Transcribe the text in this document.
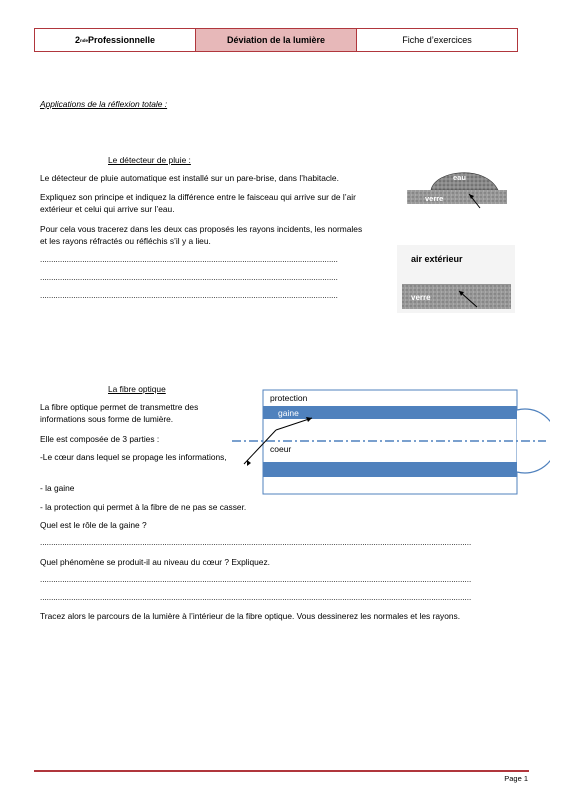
2 nde Professionnelle	Déviation de la lumière	Fiche d’exercices
Applications de la réflexion totale :
Le détecteur de pluie :
Le détecteur de pluie automatique est installé sur un pare-brise, dans l’habitacle.
Expliquez son principe et indiquez la différence entre le faisceau qui arrive sur de l’air extérieur et celui qui arrive sur l’eau.
Pour cela vous tracerez dans les deux cas proposés les rayons incidents, les normales et les rayons réfractés ou réfléchis s’il y a lieu.
......................................................................................................................................
......................................................................................................................................
......................................................................................................................................
eau
verre
air extérieur
verre
La fibre optique
La fibre optique permet de transmettre des informations sous forme de lumière.
Elle est composée de 3 parties :
-Le cœur dans lequel se propage les informations,
- la gaine
- la protection qui permet à la fibre de ne pas se casser.
Quel est le rôle de la gaine ?
..................................................................................................................................................................................................
Quel phénomène se produit-il au niveau du cœur ? Expliquez.
..................................................................................................................................................................................................
..................................................................................................................................................................................................
Tracez alors le parcours de la lumière à l’intérieur de la fibre optique. Vous dessinerez les normales et les rayons.
protection
gaine
coeur
Page 1
